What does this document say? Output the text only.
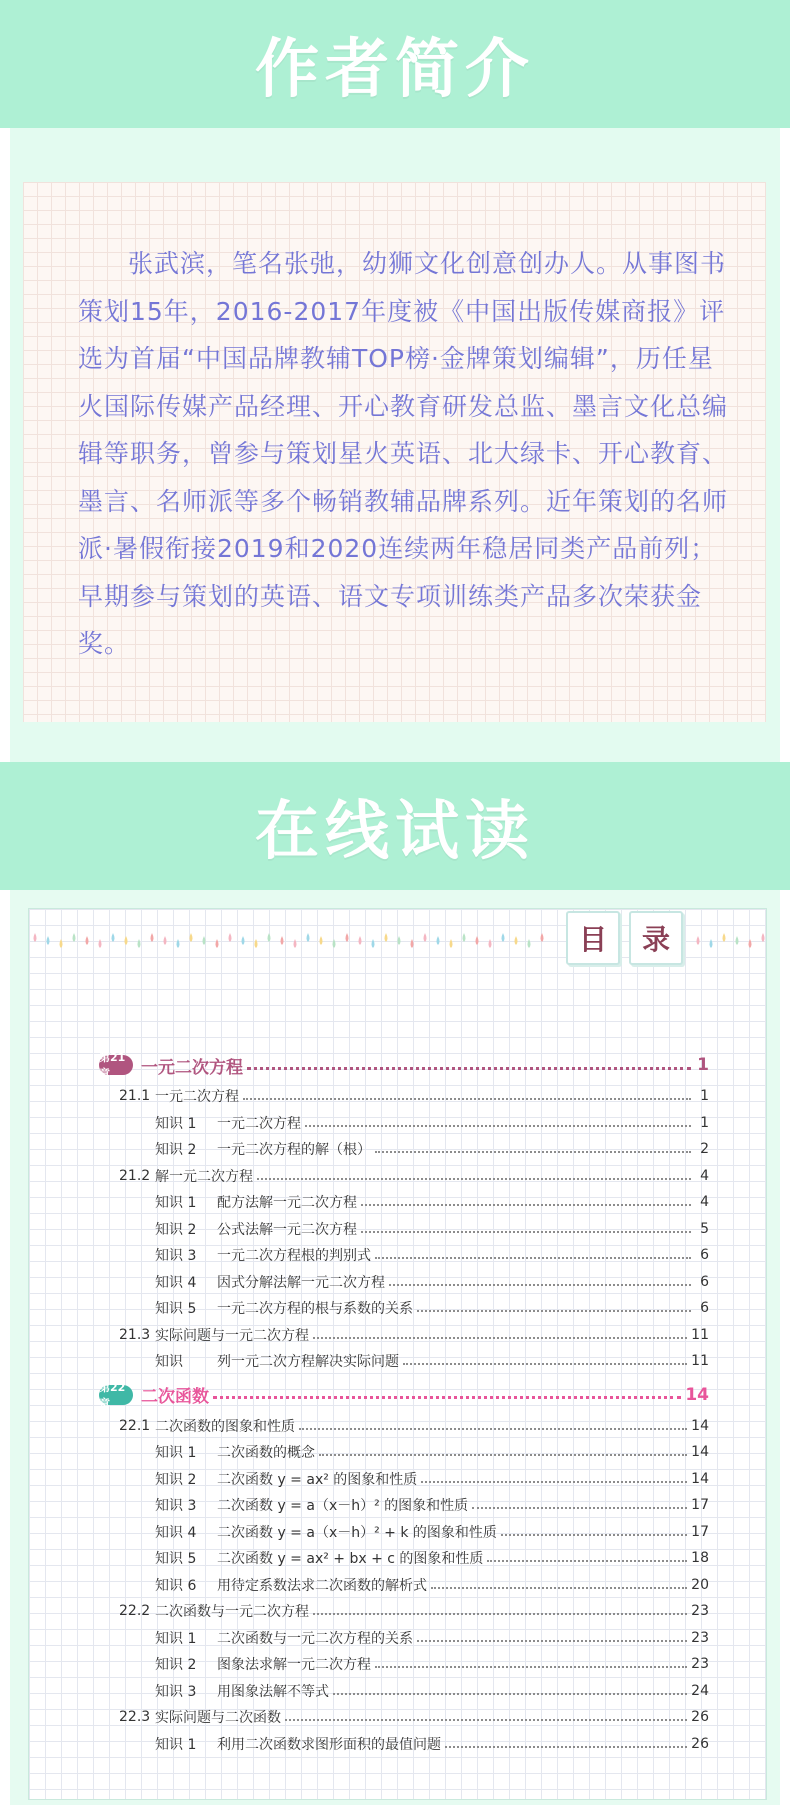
作者简介

张武滨，笔名张弛，幼狮文化创意创办人。从事图书策划15年，2016-2017年度被《中国出版传媒商报》评选为首届“中国品牌教辅TOP榜·金牌策划编辑”，历任星火国际传媒产品经理、开心教育研发总监、墨言文化总编辑等职务，曾参与策划星火英语、北大绿卡、开心教育、墨言、名师派等多个畅销教辅品牌系列。近年策划的名师派·暑假衔接2019和2020连续两年稳居同类产品前列；早期参与策划的英语、语文专项训练类产品多次荣获金奖。

在线试读
目 录
第21章	一元二次方程	1
21.1 一元二次方程	1
知识 1	一元二次方程	1
知识 2	一元二次方程的解（根）	2
21.2 解一元二次方程	4
知识 1	配方法解一元二次方程	4
知识 2	公式法解一元二次方程	5
知识 3	一元二次方程根的判别式	6
知识 4	因式分解法解一元二次方程	6
知识 5	一元二次方程的根与系数的关系	6
21.3 实际问题与一元二次方程	11
知识	列一元二次方程解决实际问题	11
第22章	二次函数	14
22.1 二次函数的图象和性质	14
知识 1	二次函数的概念	14
知识 2	二次函数 y = ax² 的图象和性质	14
知识 3	二次函数 y = a（x－h）² 的图象和性质	17
知识 4	二次函数 y = a（x－h）² + k 的图象和性质	17
知识 5	二次函数 y = ax² + bx + c 的图象和性质	18
知识 6	用待定系数法求二次函数的解析式	20
22.2 二次函数与一元二次方程	23
知识 1	二次函数与一元二次方程的关系	23
知识 2	图象法求解一元二次方程	23
知识 3	用图象法解不等式	24
22.3 实际问题与二次函数	26
知识 1	利用二次函数求图形面积的最值问题	26
